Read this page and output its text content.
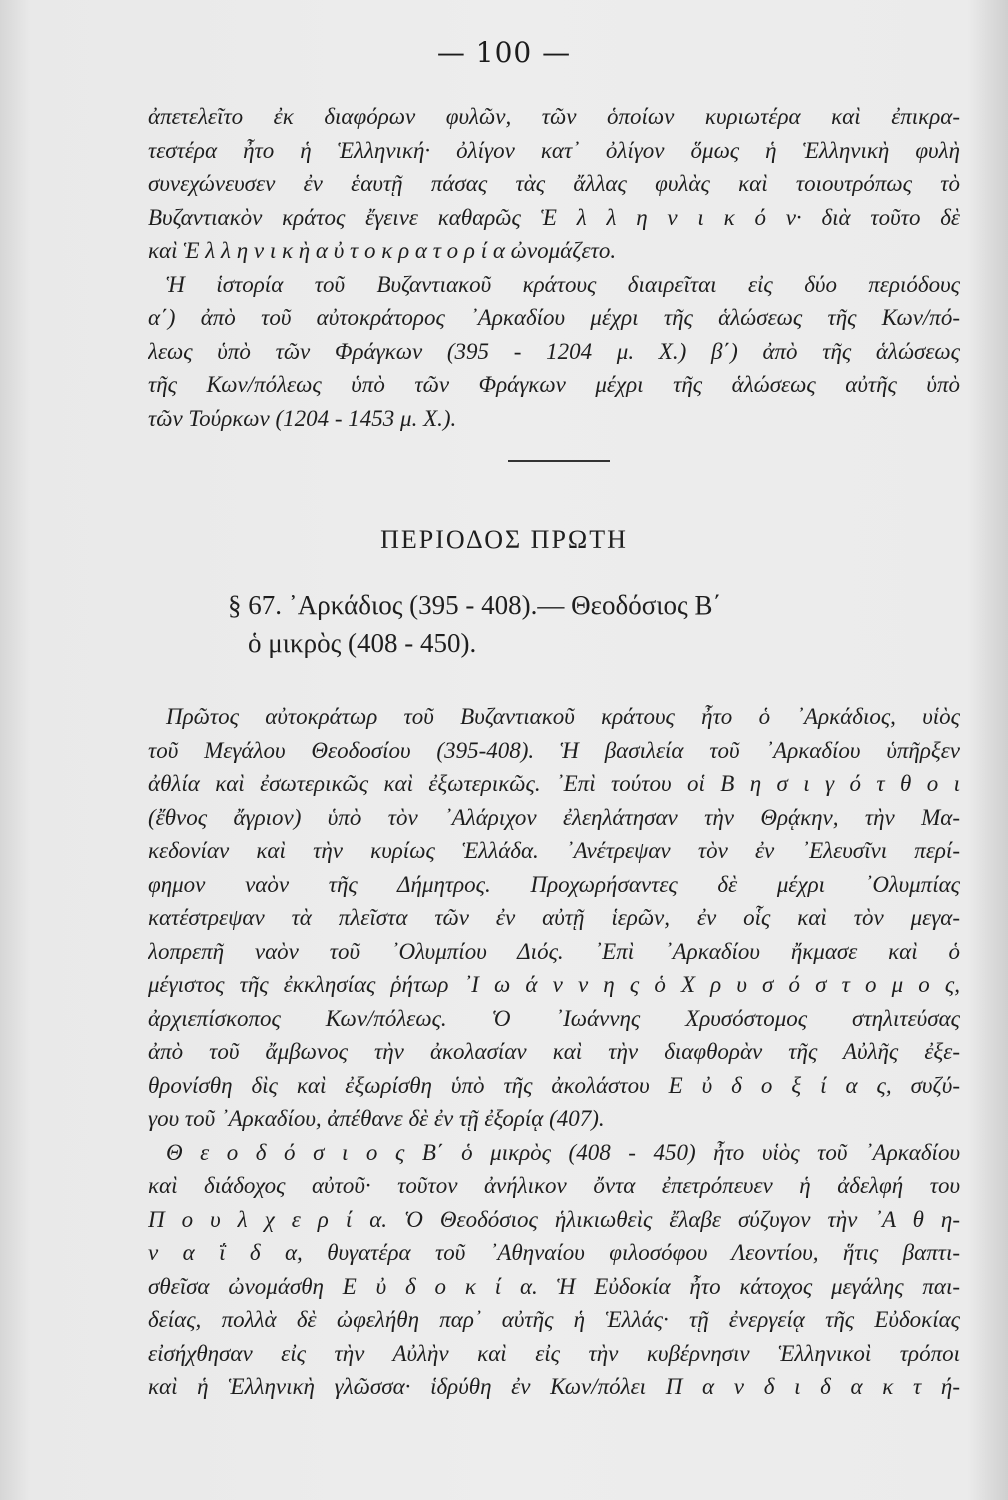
— 100 —
ἀπετελεῖτο ἐκ διαφόρων φυλῶν, τῶν ὁποίων κυριωτέρα καὶ ἐπικρα-
τεστέρα ἦτο ἡ Ἑλληνική· ὀλίγον κατ᾿ ὀλίγον ὅμως ἡ Ἑλληνικὴ φυλὴ
συνεχώνευσεν ἐν ἑαυτῇ πάσας τὰς ἄλλας φυλὰς καὶ τοιουτρόπως τὸ
Βυζαντιακὸν κράτος ἔγεινε καθαρῶς Ἑ λ λ η ν ι κ ό ν· διὰ τοῦτο δὲ
καὶ Ἑ λ λ η ν ι κ ὴ α ὐ τ ο κ ρ α τ ο ρ ί α ὠνομάζετο.
Ἡ ἱστορία τοῦ Βυζαντιακοῦ κράτους διαιρεῖται εἰς δύο περιόδους
α΄) ἀπὸ τοῦ αὐτοκράτορος ᾿Αρκαδίου μέχρι τῆς ἁλώσεως τῆς Κων/πό-
λεως ὑπὸ τῶν Φράγκων (395 - 1204 μ. Χ.) β΄) ἀπὸ τῆς ἁλώσεως
τῆς Κων/πόλεως ὑπὸ τῶν Φράγκων μέχρι τῆς ἁλώσεως αὐτῆς ὑπὸ
τῶν Τούρκων (1204 - 1453 μ. Χ.).
ΠΕΡΙΟΔΟΣ ΠΡΩΤΗ
§ 67. ᾿Αρκάδιος (395 - 408).— Θεοδόσιος Β΄
ὁ μικρὸς (408 - 450).
Πρῶτος αὐτοκράτωρ τοῦ Βυζαντιακοῦ κράτους ἦτο ὁ ᾿Αρκάδιος, υἱὸς
τοῦ Μεγάλου Θεοδοσίου (395-408). Ἡ βασιλεία τοῦ ᾿Αρκαδίου ὑπῆρξεν
ἀθλία καὶ ἐσωτερικῶς καὶ ἐξωτερικῶς. ᾿Επὶ τούτου οἱ Β η σ ι γ ό τ θ ο ι
(ἔθνος ἄγριον) ὑπὸ τὸν ᾿Αλάριχον ἐλεηλάτησαν τὴν Θρᾴκην, τὴν Μα-
κεδονίαν καὶ τὴν κυρίως Ἑλλάδα. ᾿Ανέτρεψαν τὸν ἐν ᾿Ελευσῖνι περί-
φημον ναὸν τῆς Δήμητρος. Προχωρήσαντες δὲ μέχρι ᾿Ολυμπίας
κατέστρεψαν τὰ πλεῖστα τῶν ἐν αὐτῇ ἱερῶν, ἐν οἷς καὶ τὸν μεγα-
λοπρεπῆ ναὸν τοῦ ᾿Ολυμπίου Διός. ᾿Επὶ ᾿Αρκαδίου ἤκμασε καὶ ὁ
μέγιστος τῆς ἐκκλησίας ῥήτωρ ᾿Ι ω ά ν ν η ς ὁ Χ ρ υ σ ό σ τ ο μ ο ς,
ἀρχιεπίσκοπος Κων/πόλεως. Ὁ ᾿Ιωάννης Χρυσόστομος στηλιτεύσας
ἀπὸ τοῦ ἄμβωνος τὴν ἀκολασίαν καὶ τὴν διαφθορὰν τῆς Αὐλῆς ἐξε-
θρονίσθη δὶς καὶ ἐξωρίσθη ὑπὸ τῆς ἀκολάστου Ε ὐ δ ο ξ ί α ς, συζύ-
γου τοῦ ᾿Αρκαδίου, ἀπέθανε δὲ ἐν τῇ ἐξορίᾳ (407).
Θ ε ο δ ό σ ι ο ς Β΄ ὁ μικρὸς (408 - 450) ἦτο υἱὸς τοῦ ᾿Αρκαδίου
καὶ διάδοχος αὐτοῦ· τοῦτον ἀνήλικον ὄντα ἐπετρόπευεν ἡ ἀδελφή του
Π ο υ λ χ ε ρ ί α. Ὁ Θεοδόσιος ἡλικιωθεὶς ἔλαβε σύζυγον τὴν ᾿Α θ η-
ν α ΐ δ α, θυγατέρα τοῦ ᾿Αθηναίου φιλοσόφου Λεοντίου, ἥτις βαπτι-
σθεῖσα ὠνομάσθη Ε ὐ δ ο κ ί α. Ἡ Εὐδοκία ἦτο κάτοχος μεγάλης παι-
δείας, πολλὰ δὲ ὠφελήθη παρ᾿ αὐτῆς ἡ Ἑλλάς· τῇ ἐνεργείᾳ τῆς Εὐδοκίας
εἰσήχθησαν εἰς τὴν Αὐλὴν καὶ εἰς τὴν κυβέρνησιν Ἑλληνικοὶ τρόποι
καὶ ἡ Ἑλληνικὴ γλῶσσα· ἱδρύθη ἐν Κων/πόλει Π α ν δ ι δ α κ τ ή-
